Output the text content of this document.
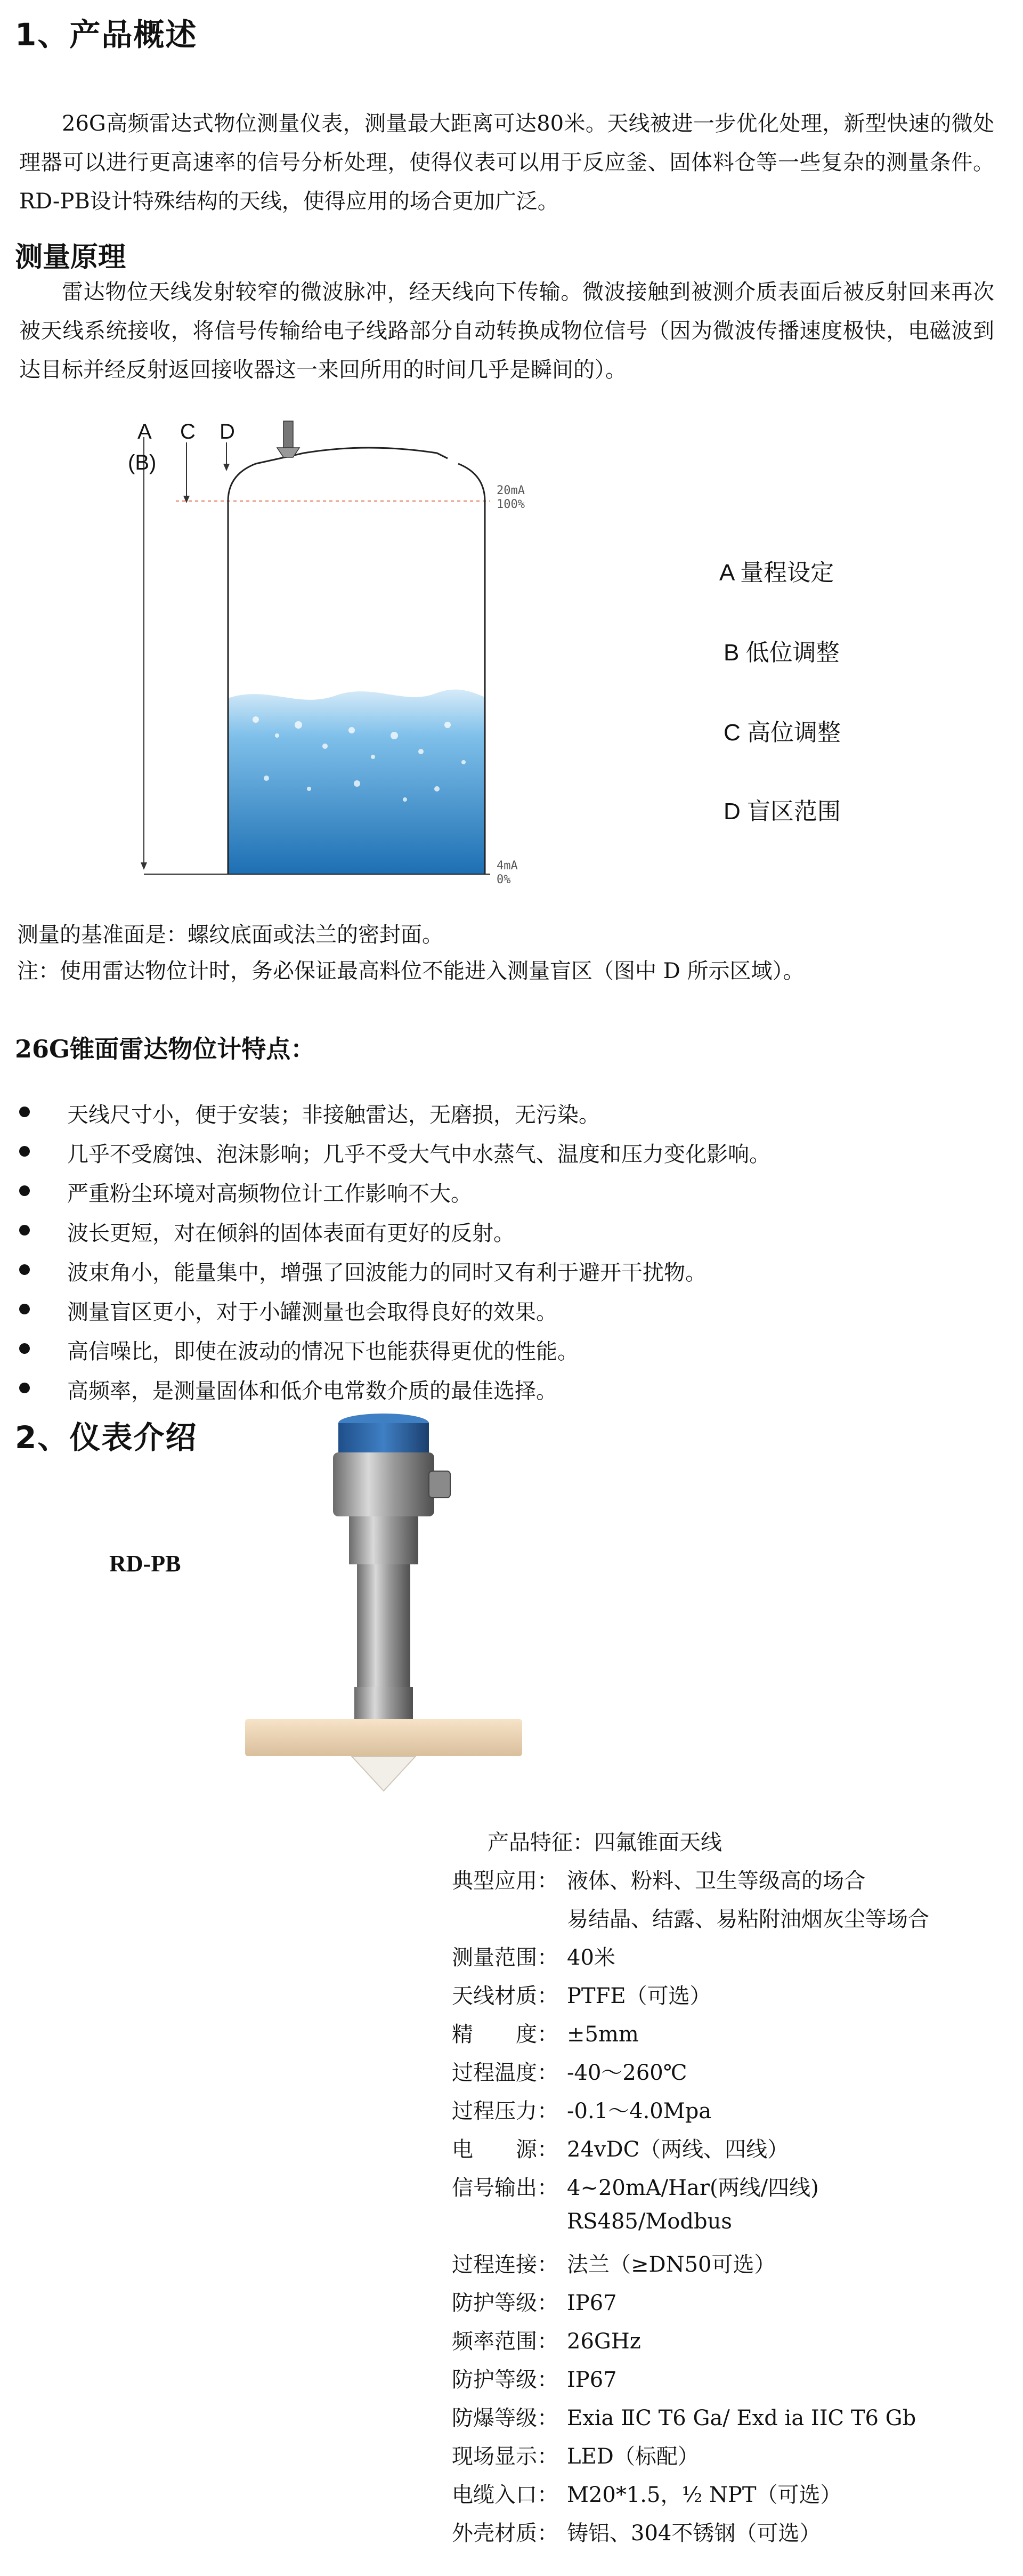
1、产品概述
26G高频雷达式物位测量仪表，测量最大距离可达80米。天线被进一步优化处理，新型快速的微处理器可以进行更高速率的信号分析处理，使得仪表可以用于反应釜、固体料仓等一些复杂的测量条件。RD-PB设计特殊结构的天线，使得应用的场合更加广泛。
测量原理
雷达物位天线发射较窄的微波脉冲，经天线向下传输。微波接触到被测介质表面后被反射回来再次被天线系统接收，将信号传输给电子线路部分自动转换成物位信号（因为微波传播速度极快，电磁波到达目标并经反射返回接收器这一来回所用的时间几乎是瞬间的）。
A C D
(B)
20mA
100%
4mA
0%
A 量程设定
B 低位调整
C 高位调整
D 盲区范围
测量的基准面是：螺纹底面或法兰的密封面。
注：使用雷达物位计时，务必保证最高料位不能进入测量盲区（图中 D 所示区域）。
26G锥面雷达物位计特点：
天线尺寸小，便于安装；非接触雷达，无磨损，无污染。
几乎不受腐蚀、泡沫影响；几乎不受大气中水蒸气、温度和压力变化影响。
严重粉尘环境对高频物位计工作影响不大。
波长更短，对在倾斜的固体表面有更好的反射。
波束角小，能量集中，增强了回波能力的同时又有利于避开干扰物。
测量盲区更小，对于小罐测量也会取得良好的效果。
高信噪比，即使在波动的情况下也能获得更优的性能。
高频率，是测量固体和低介电常数介质的最佳选择。
2、仪表介绍
RD-PB
产品特征：四氟锥面天线
典型应用： 液体、粉料、卫生等级高的场合
易结晶、结露、易粘附油烟灰尘等场合
测量范围： 40米
天线材质： PTFE（可选）
精　　度： ±5mm
过程温度： -40～260℃
过程压力： -0.1～4.0Mpa
电　　源： 24vDC（两线、四线）
信号输出： 4~20mA/Har(两线/四线)
RS485/Modbus
过程连接： 法兰（≥DN50可选）
防护等级： IP67
频率范围： 26GHz
防护等级： IP67
防爆等级： Exia ⅡC T6 Ga/ Exd ia IIC T6 Gb
现场显示： LED（标配）
电缆入口： M20*1.5，½ NPT（可选）
外壳材质： 铸铝、304不锈钢（可选）
